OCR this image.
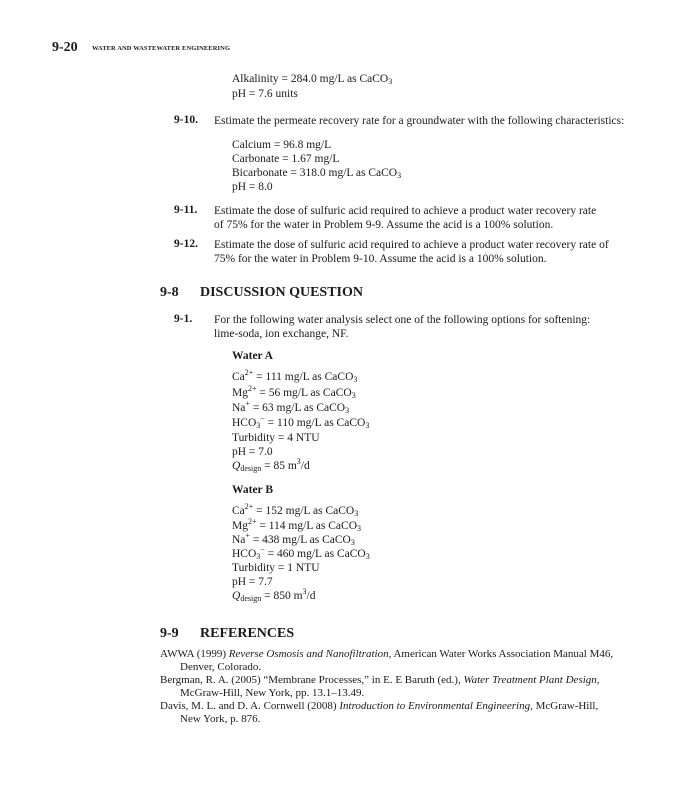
9-20 WATER AND WASTEWATER ENGINEERING
Alkalinity = 284.0 mg/L as CaCO$_3$
pH = 7.6 units
9-10. Estimate the permeate recovery rate for a groundwater with the following characteristics:
Calcium = 96.8 mg/L
Carbonate = 1.67 mg/L
Bicarbonate = 318.0 mg/L as CaCO$_3$
pH = 8.0
9-11. Estimate the dose of sulfuric acid required to achieve a product water recovery rate
of 75% for the water in Problem 9-9. Assume the acid is a 100% solution.
9-12. Estimate the dose of sulfuric acid required to achieve a product water recovery rate of
75% for the water in Problem 9-10. Assume the acid is a 100% solution.
9-8 DISCUSSION QUESTION
9-1. For the following water analysis select one of the following options for softening:
lime-soda, ion exchange, NF.
Water A
$Ca^{2+} = 111$ mg/L as CaCO$_3$
$Mg^{2+} = 56$ mg/L as CaCO$_3$
Na+ = 63 mg/L as CaCO$_3$
$HCO_3^- = 110$ mg/L as CaCO$_3$
Turbidity = 4 NTU
pH = 7.0
$Q_{design} = 85$ $m^3/d$
Water B
$Ca^{2+} = 152$ mg/L as CaCO$_3$
$Mg^{2+} = 114$ mg/L as CaCO$_3$
Na+ = 438 mg/L as CaCO$_3$
$HCO_3^- = 460$ mg/L as CaCO$_3$
Turbidity = 1 NTU
pH = 7.7
$Q_{design} = 850$ $m^3/d$
9-9 REFERENCES
AWWA (1999) Reverse Osmosis and Nanofiltration, American Water Works Association Manual M46,
Denver, Colorado.
Bergman, R. A. (2005) “Membrane Processes,” in E. E Baruth (ed.), Water Treatment Plant Design,
McGraw-Hill, New York, pp. 13.1–13.49.
Davis, M. L. and D. A. Cornwell (2008) Introduction to Environmental Engineering, McGraw-Hill,
New York, p. 876.
